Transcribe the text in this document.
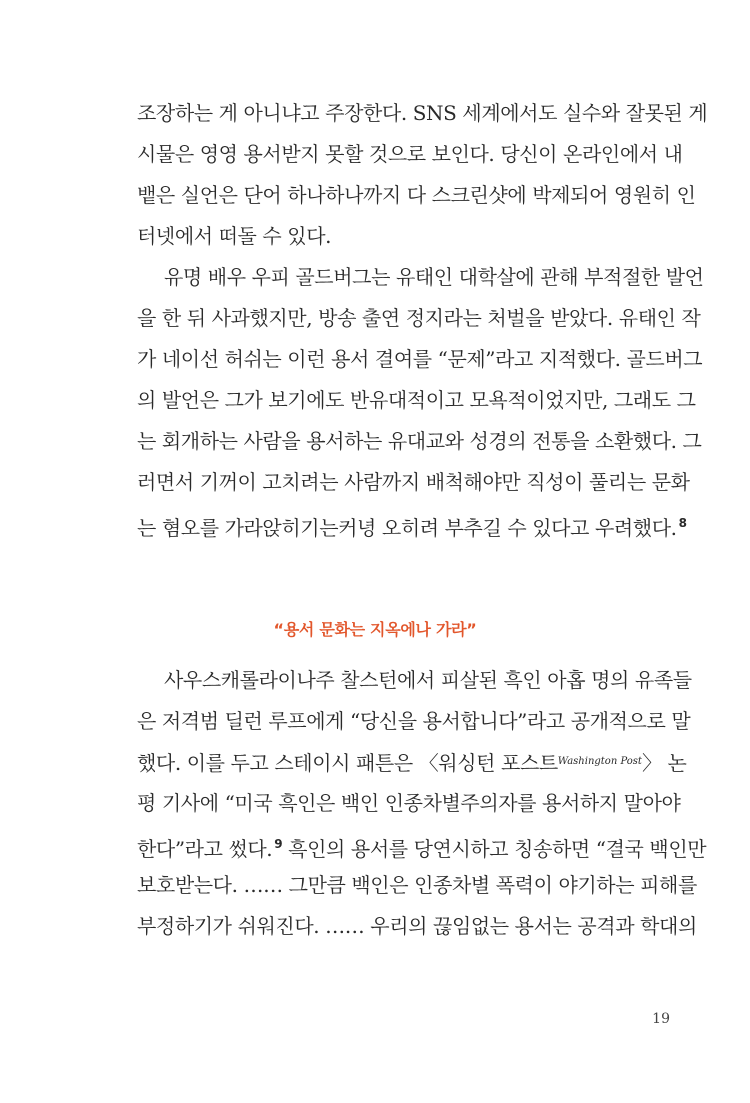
조장하는 게 아니냐고 주장한다. SNS 세계에서도 실수와 잘못된 게
시물은 영영 용서받지 못할 것으로 보인다. 당신이 온라인에서 내
뱉은 실언은 단어 하나하나까지 다 스크린샷에 박제되어 영원히 인
터넷에서 떠돌 수 있다.
유명 배우 우피 골드버그는 유태인 대학살에 관해 부적절한 발언
을 한 뒤 사과했지만, 방송 출연 정지라는 처벌을 받았다. 유태인 작
가 네이선 허쉬는 이런 용서 결여를 “문제”라고 지적했다. 골드버그
의 발언은 그가 보기에도 반유대적이고 모욕적이었지만, 그래도 그
는 회개하는 사람을 용서하는 유대교와 성경의 전통을 소환했다. 그
러면서 기꺼이 고치려는 사람까지 배척해야만 직성이 풀리는 문화
는 혐오를 가라앉히기는커녕 오히려 부추길 수 있다고 우려했다. $^8$
“용서 문화는 지옥에나 가라”
사우스캐롤라이나주 찰스턴에서 피살된 흑인 아홉 명의 유족들
은 저격범 딜런 루프에게 “당신을 용서합니다”라고 공개적으로 말
했다. 이를 두고 스테이시 패튼은 〈워싱턴 포스트$^{Washington Post}$〉 논
평 기사에 “미국 흑인은 백인 인종차별주의자를 용서하지 말아야
한다”라고 썼다. $^9$ 흑인의 용서를 당연시하고 칭송하면 “결국 백인만
보호받는다. …… 그만큼 백인은 인종차별 폭력이 야기하는 피해를
부정하기가 쉬워진다. …… 우리의 끊임없는 용서는 공격과 학대의
19
